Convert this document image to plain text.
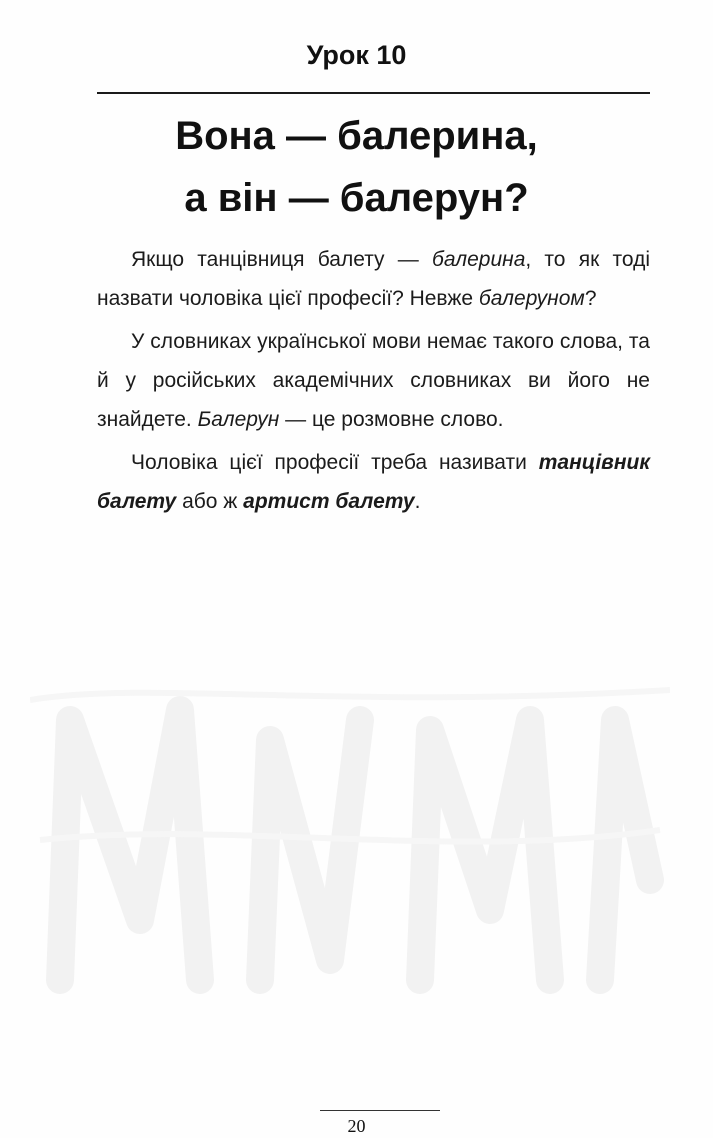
Урок 10
Вона — балерина,
а він — балерун?

Якщо танцівниця балету — балерина, то як тоді назвати чоловіка цієї професії? Невже балеруном?

У словниках української мови немає такого слова, та й у російських академічних словниках ви його не знайдете. Балерун — це розмовне слово.

Чоловіка цієї професії треба називати танцівник балету або ж артист балету.

20
